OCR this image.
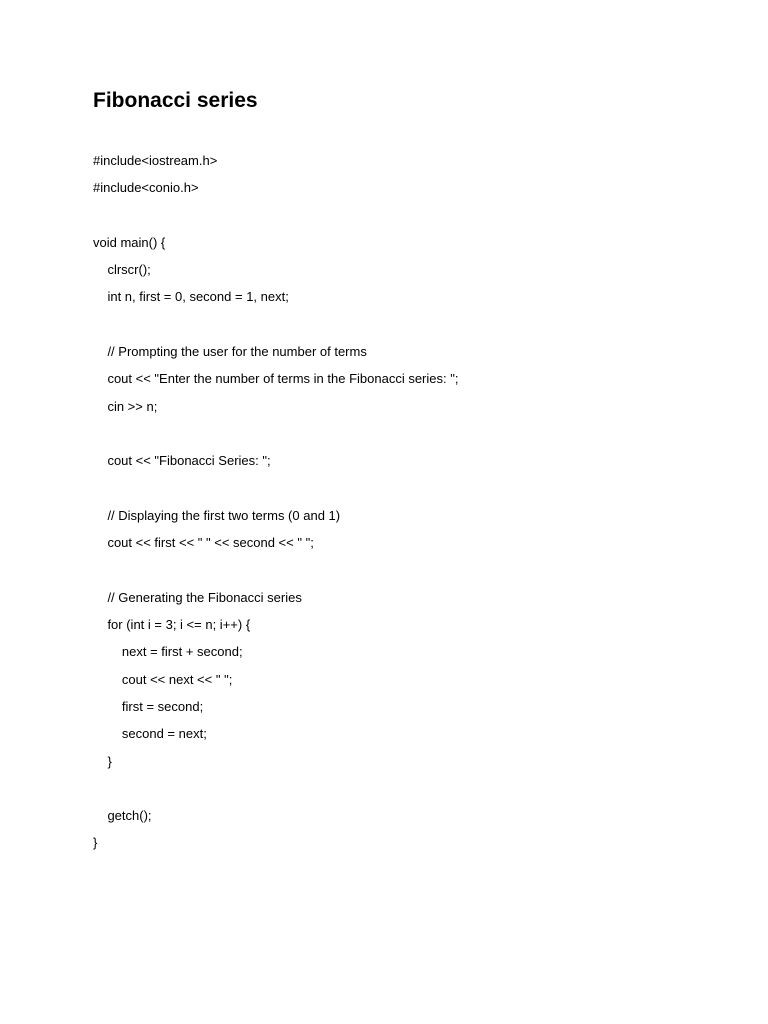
Fibonacci series
#include<iostream.h>
#include<conio.h>
void main() {
clrscr();
int n, first = 0, second = 1, next;
// Prompting the user for the number of terms
cout << "Enter the number of terms in the Fibonacci series: ";
cin >> n;
cout << "Fibonacci Series: ";
// Displaying the first two terms (0 and 1)
cout << first << " " << second << " ";
// Generating the Fibonacci series
for (int i = 3; i <= n; i++) {
next = first + second;
cout << next << " ";
first = second;
second = next;
}
getch();
}
